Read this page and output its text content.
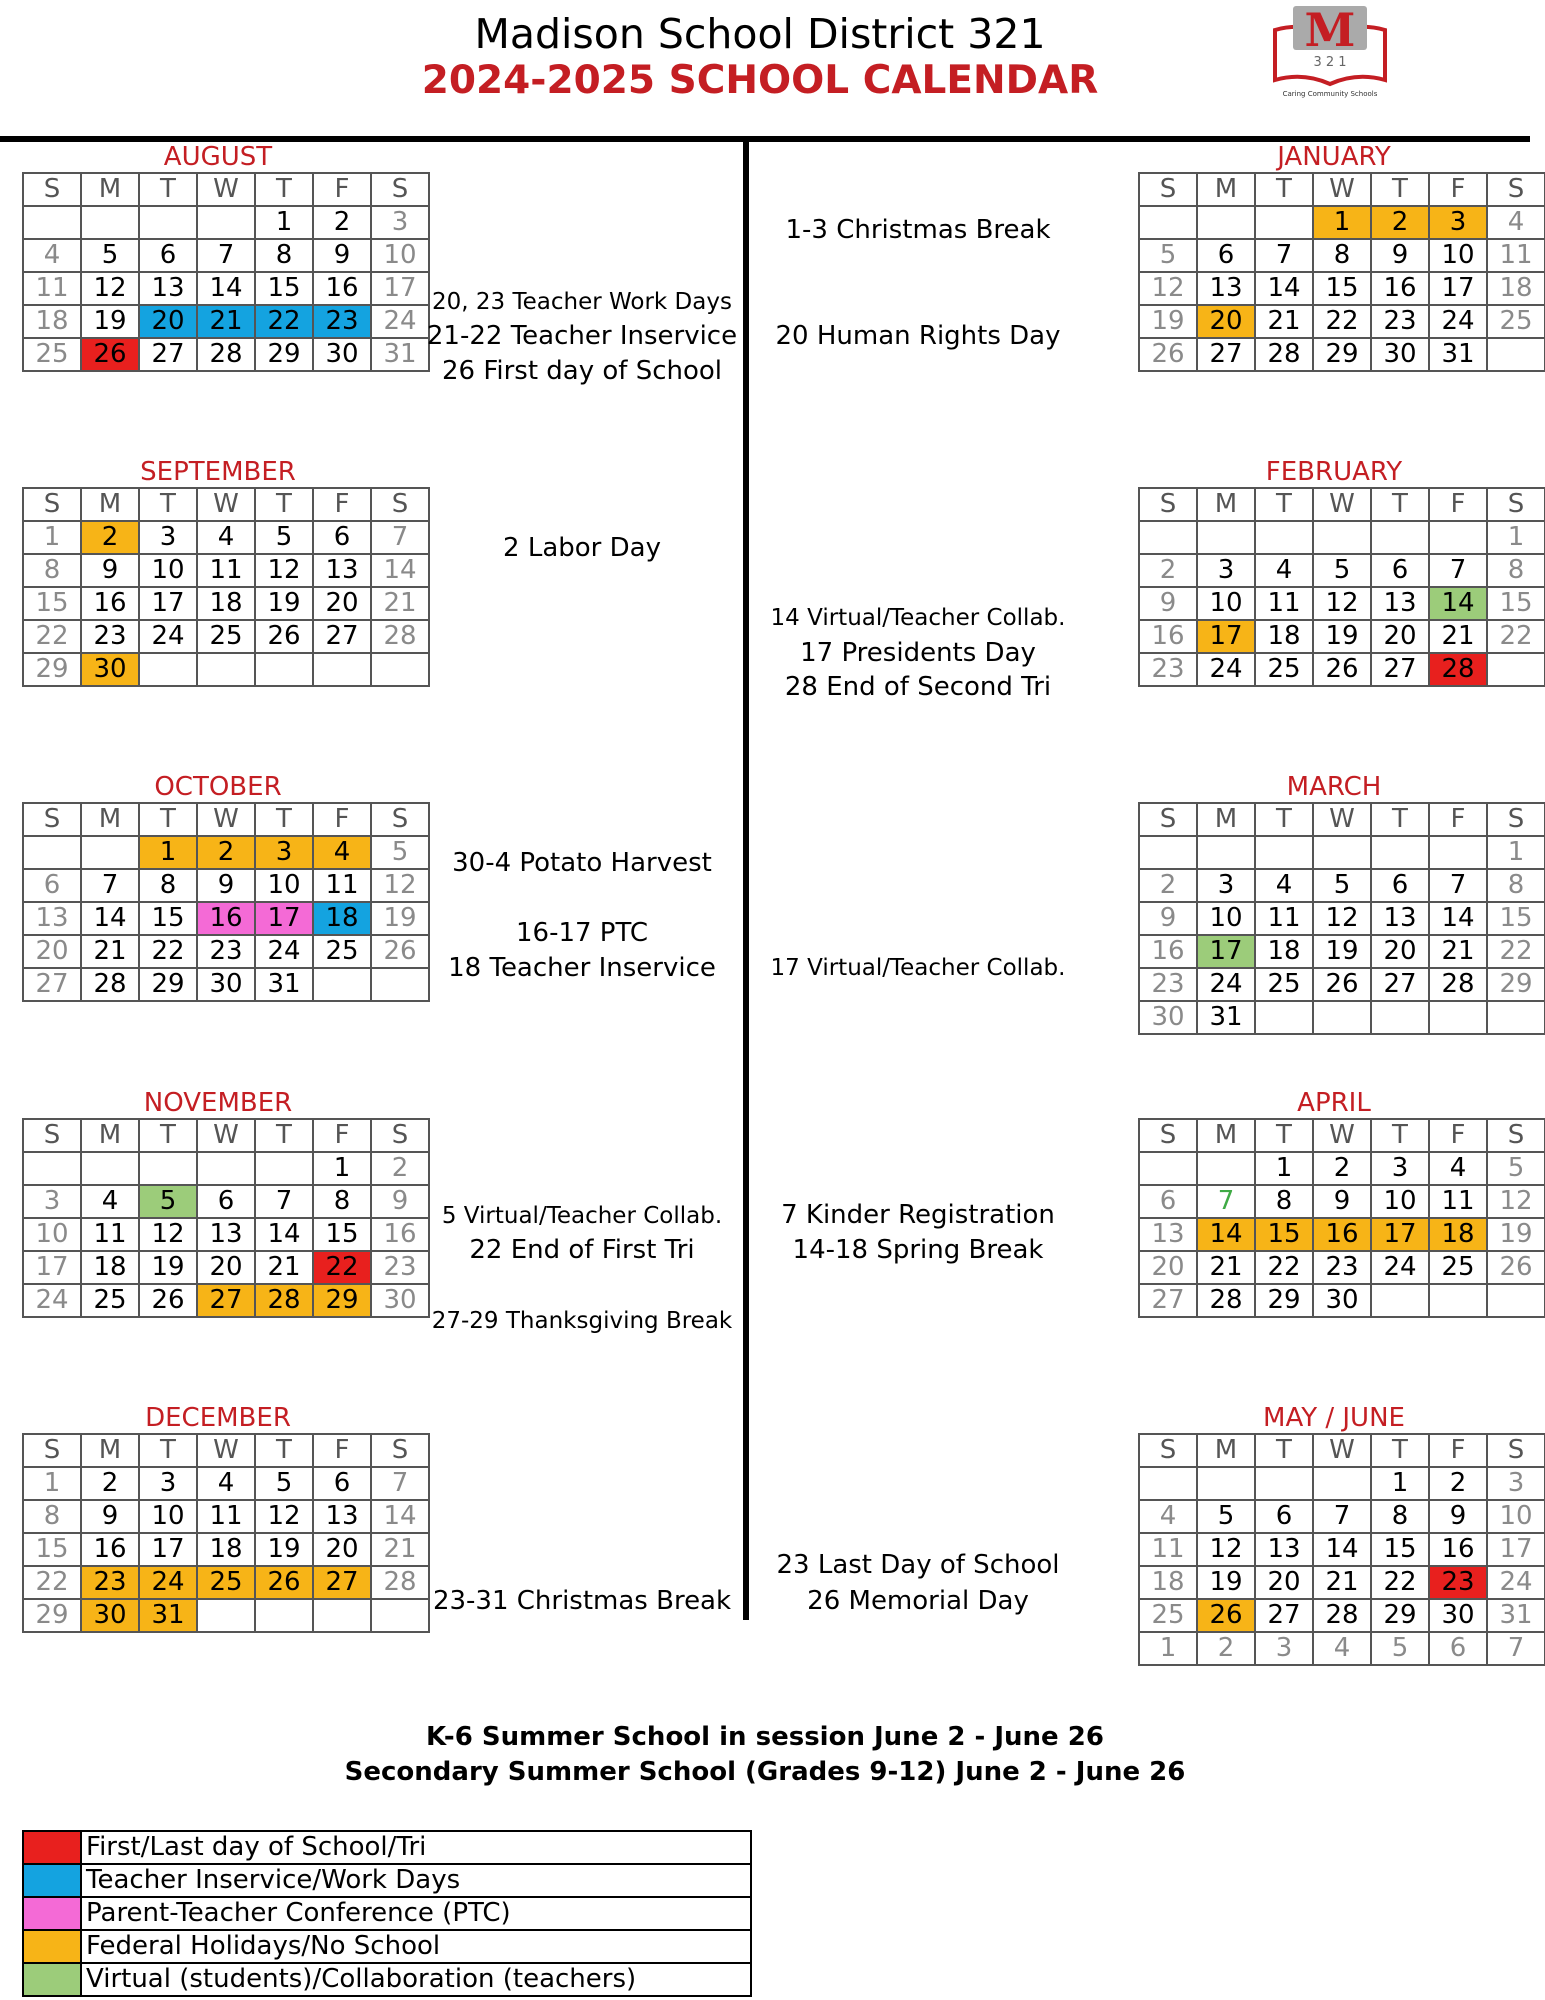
Madison School District 321
2024-2025 SCHOOL CALENDAR
M
3 2 1
Caring Community Schools
AUGUST
S	M	T	W	T	F	S
				1	2	3
4	5	6	7	8	9	10
11	12	13	14	15	16	17
18	19	20	21	22	23	24
25	26	27	28	29	30	31
SEPTEMBER
S	M	T	W	T	F	S
1	2	3	4	5	6	7
8	9	10	11	12	13	14
15	16	17	18	19	20	21
22	23	24	25	26	27	28
29	30					
OCTOBER
S	M	T	W	T	F	S
		1	2	3	4	5
6	7	8	9	10	11	12
13	14	15	16	17	18	19
20	21	22	23	24	25	26
27	28	29	30	31		
NOVEMBER
S	M	T	W	T	F	S
					1	2
3	4	5	6	7	8	9
10	11	12	13	14	15	16
17	18	19	20	21	22	23
24	25	26	27	28	29	30
DECEMBER
S	M	T	W	T	F	S
1	2	3	4	5	6	7
8	9	10	11	12	13	14
15	16	17	18	19	20	21
22	23	24	25	26	27	28
29	30	31				
JANUARY
S	M	T	W	T	F	S
			1	2	3	4
5	6	7	8	9	10	11
12	13	14	15	16	17	18
19	20	21	22	23	24	25
26	27	28	29	30	31	
FEBRUARY
S	M	T	W	T	F	S
						1
2	3	4	5	6	7	8
9	10	11	12	13	14	15
16	17	18	19	20	21	22
23	24	25	26	27	28	
MARCH
S	M	T	W	T	F	S
						1
2	3	4	5	6	7	8
9	10	11	12	13	14	15
16	17	18	19	20	21	22
23	24	25	26	27	28	29
30	31					
APRIL
S	M	T	W	T	F	S
		1	2	3	4	5
6	7	8	9	10	11	12
13	14	15	16	17	18	19
20	21	22	23	24	25	26
27	28	29	30			
MAY / JUNE
S	M	T	W	T	F	S
				1	2	3
4	5	6	7	8	9	10
11	12	13	14	15	16	17
18	19	20	21	22	23	24
25	26	27	28	29	30	31
1	2	3	4	5	6	7
20, 23 Teacher Work Days
21-22 Teacher Inservice
26 First day of School
2 Labor Day
30-4 Potato Harvest
16-17 PTC
18 Teacher Inservice
5 Virtual/Teacher Collab.
22 End of First Tri
27-29 Thanksgiving Break
23-31 Christmas Break
1-3 Christmas Break
20 Human Rights Day
14 Virtual/Teacher Collab.
17 Presidents Day
28 End of Second Tri
17 Virtual/Teacher Collab.
7 Kinder Registration
14-18 Spring Break
23 Last Day of School
26 Memorial Day
K-6 Summer School in session June 2 - June 26
Secondary Summer School (Grades 9-12) June 2 - June 26
	First/Last day of School/Tri
	Teacher Inservice/Work Days
	Parent-Teacher Conference (PTC)
	Federal Holidays/No School
	Virtual (students)/Collaboration (teachers)
